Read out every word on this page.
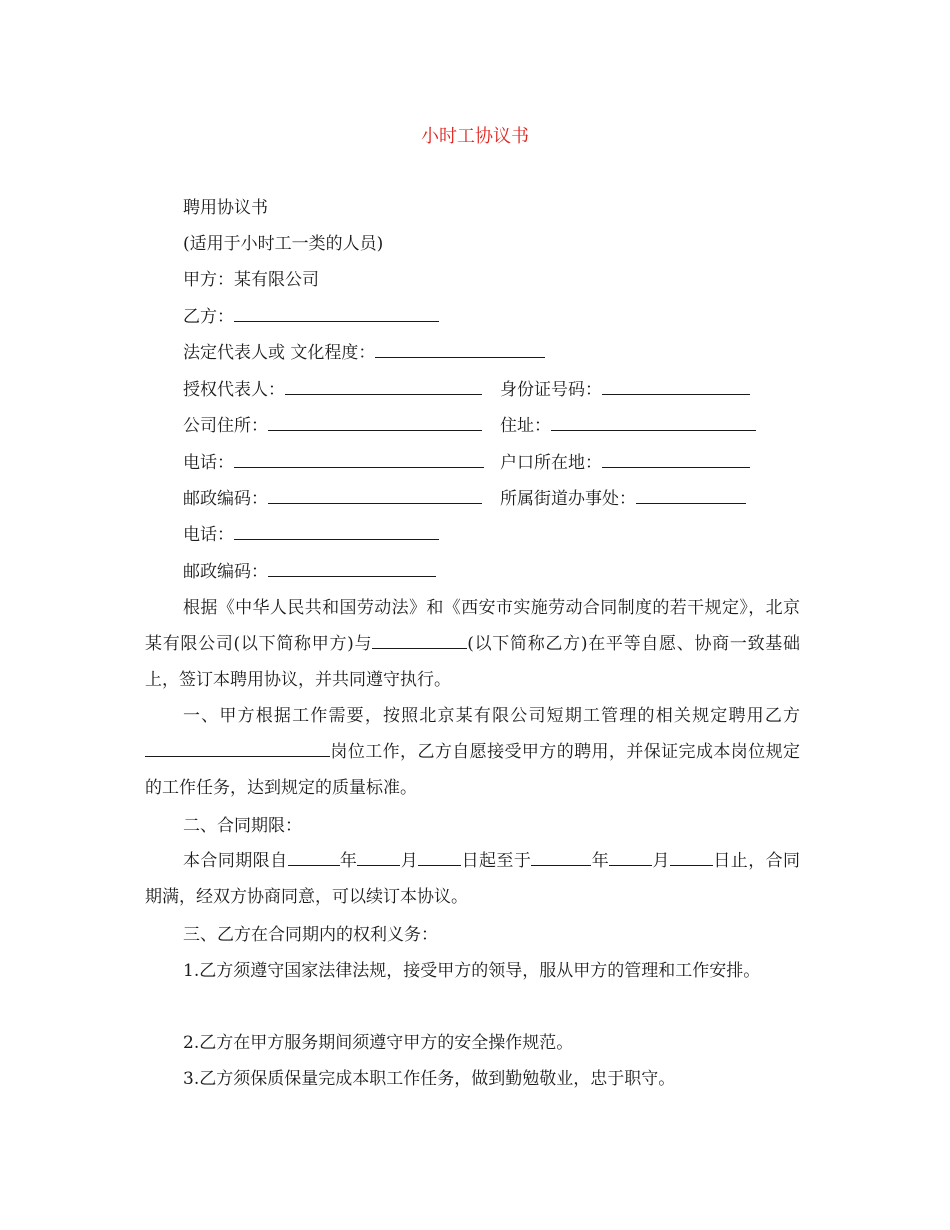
小时工协议书
聘用协议书
(适用于小时工一类的人员)
甲方：某有限公司
乙方：
法定代表人或 文化程度：
授权代表人：	身份证号码：
公司住所：	住址：
电话：	户口所在地：
邮政编码：	所属街道办事处：
电话：
邮政编码：

根据《中华人民共和国劳动法》和《西安市实施劳动合同制度的若干规定》，北京某有限公司(以下简称甲方)与	(以下简称乙方)在平等自愿、协商一致基础上，签订本聘用协议，并共同遵守执行。

一、甲方根据工作需要，按照北京某有限公司短期工管理的相关规定聘用乙方岗位工作，乙方自愿接受甲方的聘用，并保证完成本岗位规定的工作任务，达到规定的质量标准。

二、合同期限：

本合同期限自	年	月	日起至于	年	月	日止，合同期满，经双方协商同意，可以续订本协议。

三、乙方在合同期内的权利义务：

1.乙方须遵守国家法律法规，接受甲方的领导，服从甲方的管理和工作安排。

2.乙方在甲方服务期间须遵守甲方的安全操作规范。

3.乙方须保质保量完成本职工作任务，做到勤勉敬业，忠于职守。
